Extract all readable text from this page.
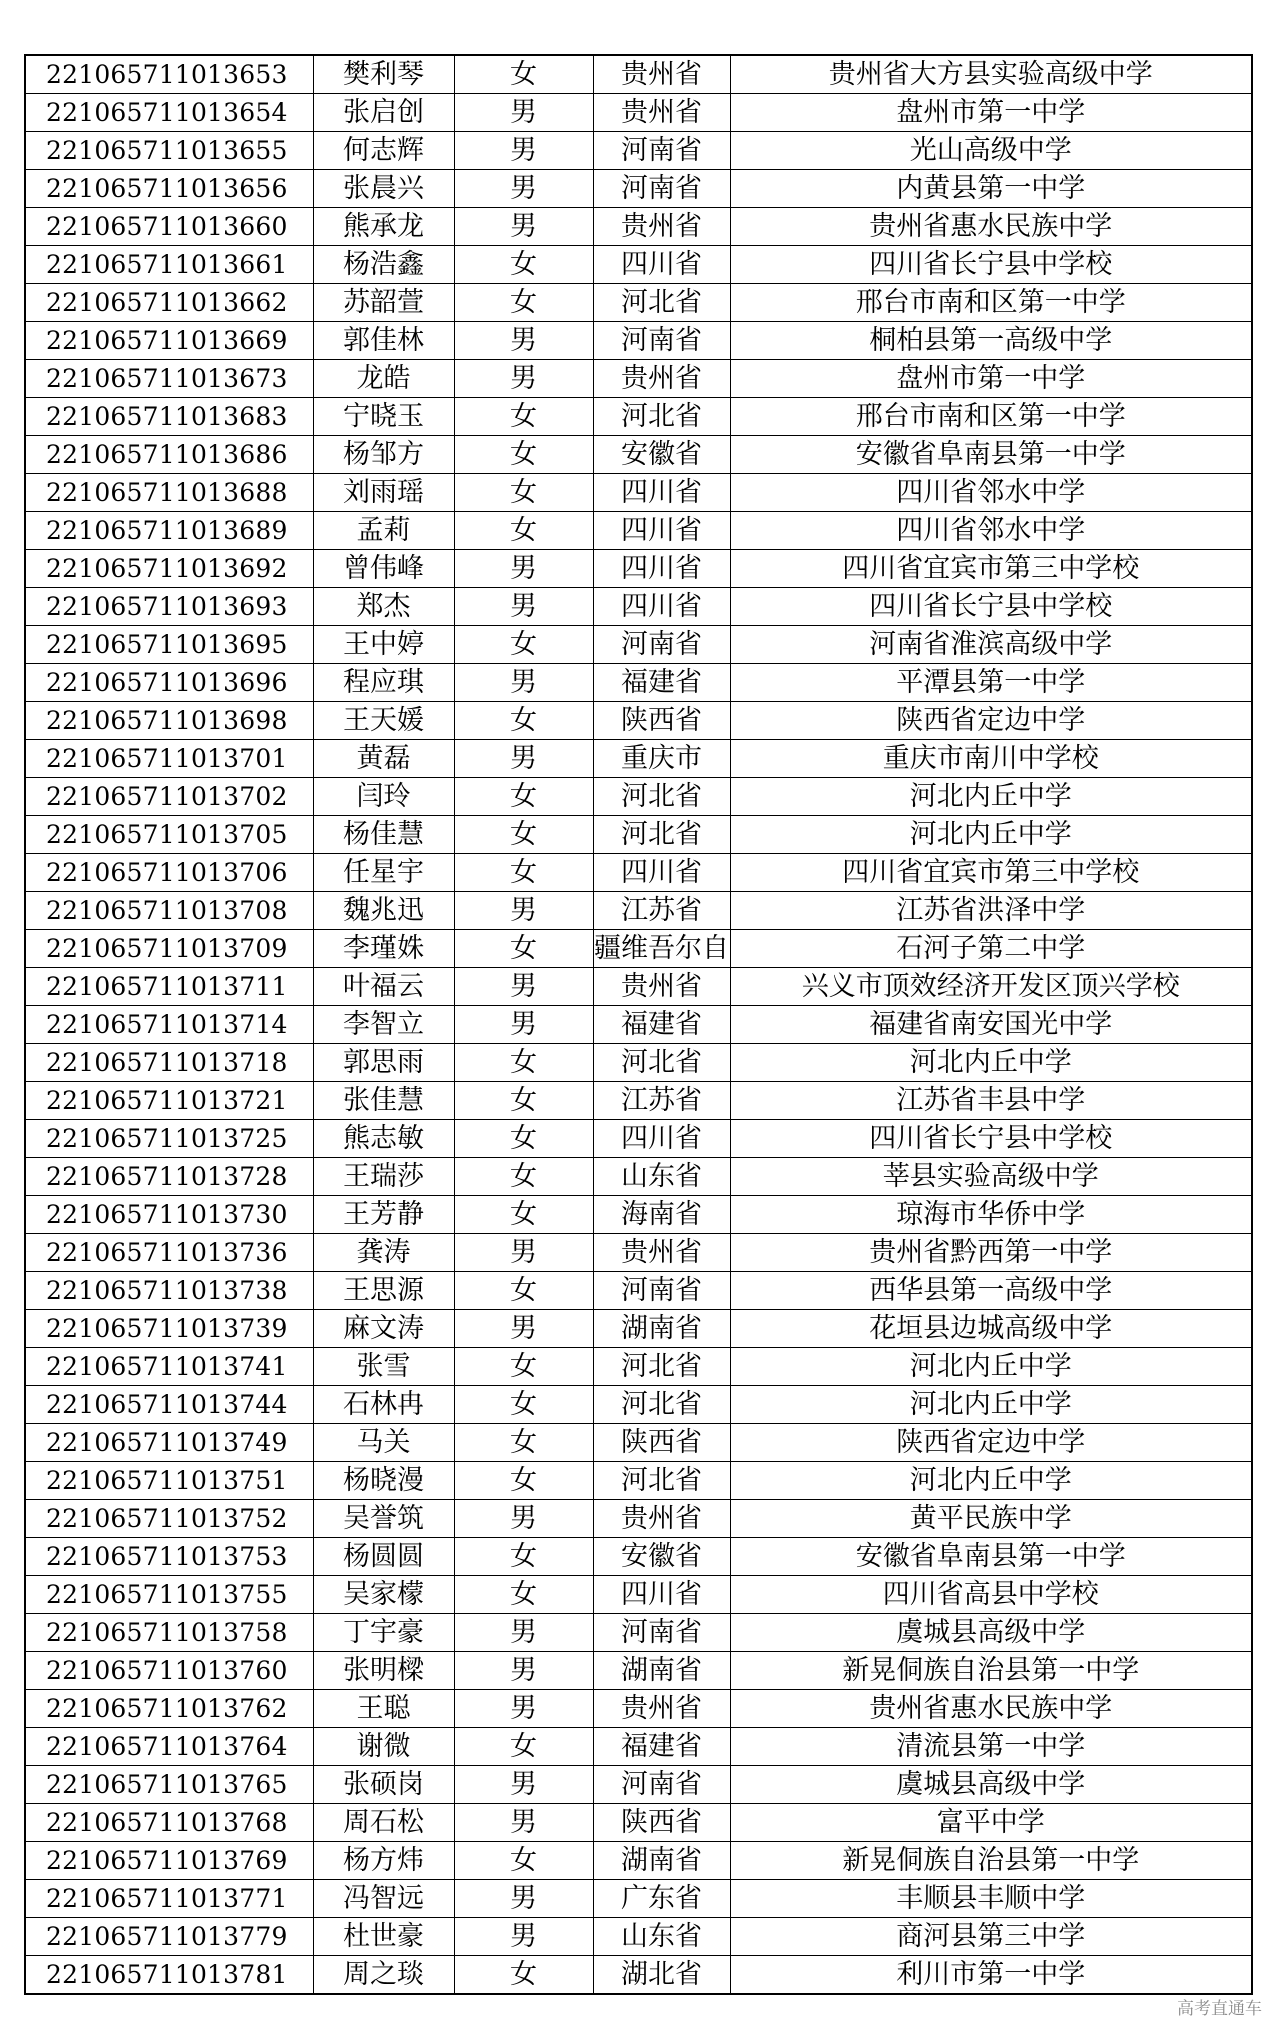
221065711013653	樊利琴	女	贵州省	贵州省大方县实验高级中学
221065711013654	张启创	男	贵州省	盘州市第一中学
221065711013655	何志辉	男	河南省	光山高级中学
221065711013656	张晨兴	男	河南省	内黄县第一中学
221065711013660	熊承龙	男	贵州省	贵州省惠水民族中学
221065711013661	杨浩鑫	女	四川省	四川省长宁县中学校
221065711013662	苏韶萱	女	河北省	邢台市南和区第一中学
221065711013669	郭佳林	男	河南省	桐柏县第一高级中学
221065711013673	龙皓	男	贵州省	盘州市第一中学
221065711013683	宁晓玉	女	河北省	邢台市南和区第一中学
221065711013686	杨邹方	女	安徽省	安徽省阜南县第一中学
221065711013688	刘雨瑶	女	四川省	四川省邻水中学
221065711013689	孟莉	女	四川省	四川省邻水中学
221065711013692	曾伟峰	男	四川省	四川省宜宾市第三中学校
221065711013693	郑杰	男	四川省	四川省长宁县中学校
221065711013695	王中婷	女	河南省	河南省淮滨高级中学
221065711013696	程应琪	男	福建省	平潭县第一中学
221065711013698	王天媛	女	陕西省	陕西省定边中学
221065711013701	黄磊	男	重庆市	重庆市南川中学校
221065711013702	闫玲	女	河北省	河北内丘中学
221065711013705	杨佳慧	女	河北省	河北内丘中学
221065711013706	任星宇	女	四川省	四川省宜宾市第三中学校
221065711013708	魏兆迅	男	江苏省	江苏省洪泽中学
221065711013709	李瑾姝	女	疆维吾尔自	石河子第二中学
221065711013711	叶福云	男	贵州省	兴义市顶效经济开发区顶兴学校
221065711013714	李智立	男	福建省	福建省南安国光中学
221065711013718	郭思雨	女	河北省	河北内丘中学
221065711013721	张佳慧	女	江苏省	江苏省丰县中学
221065711013725	熊志敏	女	四川省	四川省长宁县中学校
221065711013728	王瑞莎	女	山东省	莘县实验高级中学
221065711013730	王芳静	女	海南省	琼海市华侨中学
221065711013736	龚涛	男	贵州省	贵州省黔西第一中学
221065711013738	王思源	女	河南省	西华县第一高级中学
221065711013739	麻文涛	男	湖南省	花垣县边城高级中学
221065711013741	张雪	女	河北省	河北内丘中学
221065711013744	石林冉	女	河北省	河北内丘中学
221065711013749	马关	女	陕西省	陕西省定边中学
221065711013751	杨晓漫	女	河北省	河北内丘中学
221065711013752	吴誉筑	男	贵州省	黄平民族中学
221065711013753	杨圆圆	女	安徽省	安徽省阜南县第一中学
221065711013755	吴家檬	女	四川省	四川省高县中学校
221065711013758	丁宇豪	男	河南省	虞城县高级中学
221065711013760	张明樑	男	湖南省	新晃侗族自治县第一中学
221065711013762	王聪	男	贵州省	贵州省惠水民族中学
221065711013764	谢微	女	福建省	清流县第一中学
221065711013765	张硕岗	男	河南省	虞城县高级中学
221065711013768	周石松	男	陕西省	富平中学
221065711013769	杨方炜	女	湖南省	新晃侗族自治县第一中学
221065711013771	冯智远	男	广东省	丰顺县丰顺中学
221065711013779	杜世豪	男	山东省	商河县第三中学
221065711013781	周之琰	女	湖北省	利川市第一中学
高考直通车
